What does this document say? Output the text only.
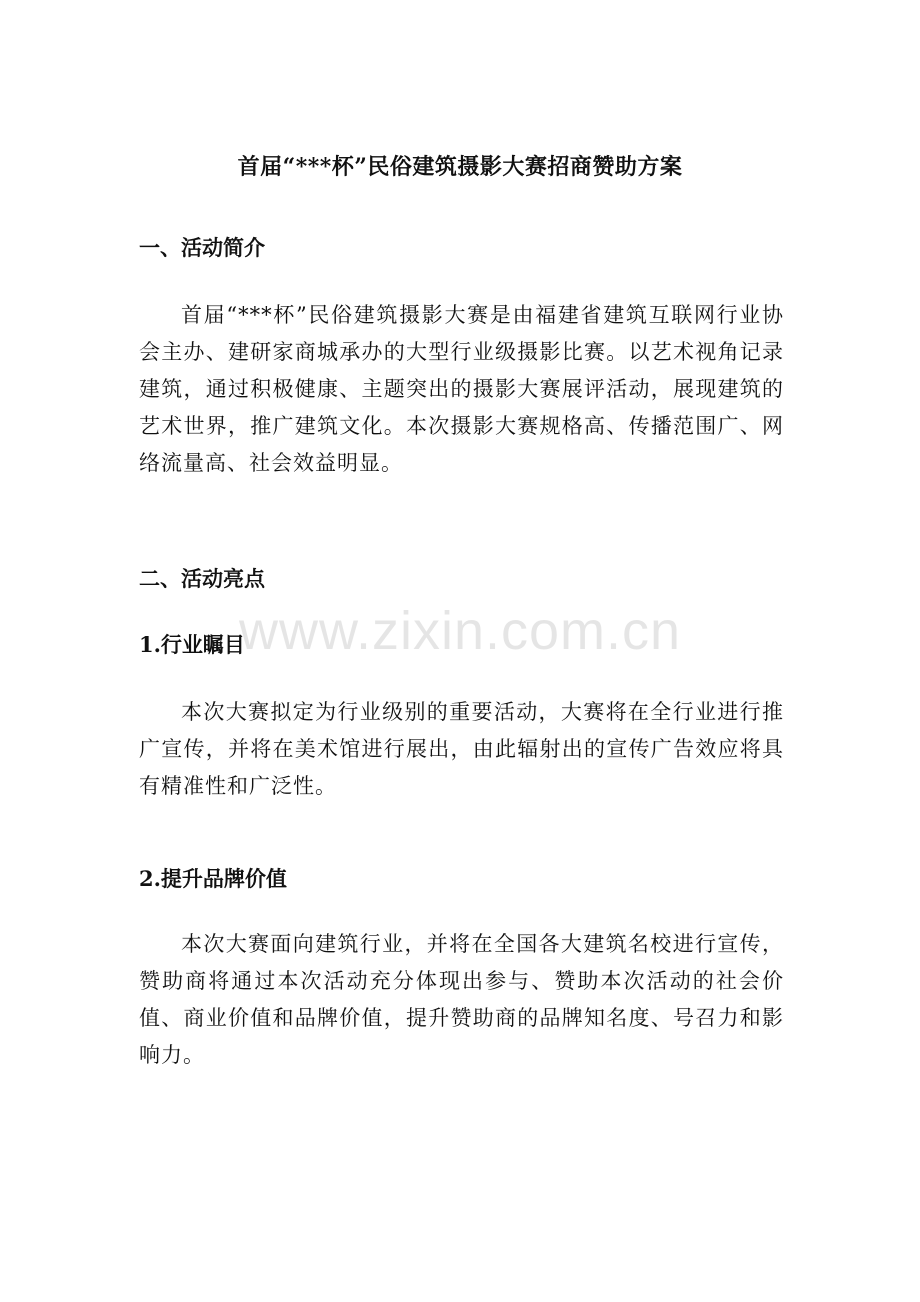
首届“***杯”民俗建筑摄影大赛招商赞助方案
一、活动简介

首届“***杯”民俗建筑摄影大赛是由福建省建筑互联网行业协会主办、建研家商城承办的大型行业级摄影比赛。以艺术视角记录建筑，通过积极健康、主题突出的摄影大赛展评活动，展现建筑的艺术世界，推广建筑文化。本次摄影大赛规格高、传播范围广、网络流量高、社会效益明显。

二、活动亮点
1.行业瞩目

本次大赛拟定为行业级别的重要活动，大赛将在全行业进行推广宣传，并将在美术馆进行展出，由此辐射出的宣传广告效应将具有精准性和广泛性。

2.提升品牌价值

本次大赛面向建筑行业，并将在全国各大建筑名校进行宣传，赞助商将通过本次活动充分体现出参与、赞助本次活动的社会价值、商业价值和品牌价值，提升赞助商的品牌知名度、号召力和影响力。

www.zixin.com.cn
